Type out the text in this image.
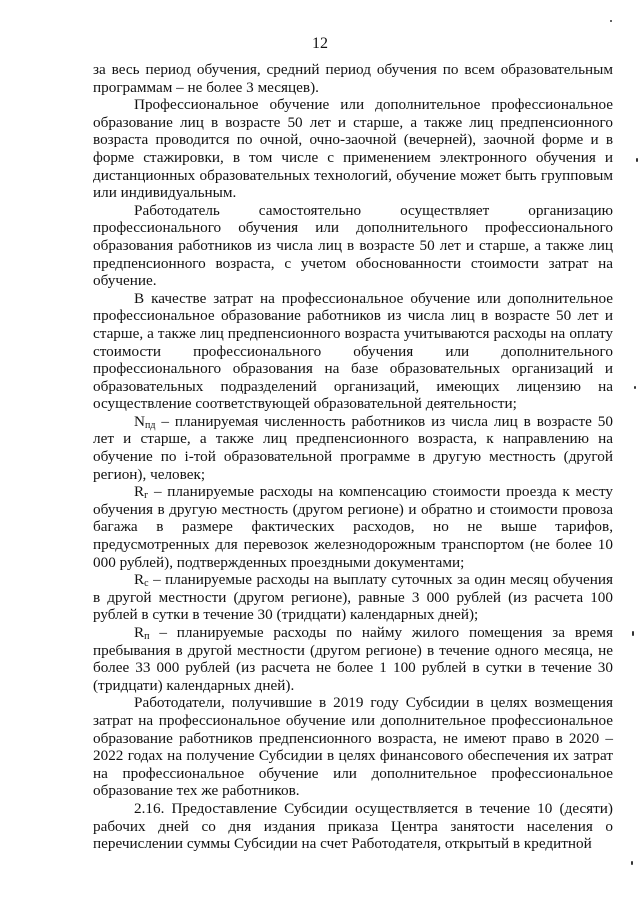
12

за весь период обучения, средний период обучения по всем образовательным программам – не более 3 месяцев).

Профессиональное обучение или дополнительное профессиональное образование лиц в возрасте 50 лет и старше, а также лиц предпенсионного возраста проводится по очной, очно-заочной (вечерней), заочной форме и в форме стажировки, в том числе с применением электронного обучения и дистанционных образовательных технологий, обучение может быть групповым или индивидуальным.

Работодатель самостоятельно осуществляет организацию профессионального обучения или дополнительного профессионального образования работников из числа лиц в возрасте 50 лет и старше, а также лиц предпенсионного возраста, с учетом обоснованности стоимости затрат на обучение.

В качестве затрат на профессиональное обучение или дополнительное профессиональное образование работников из числа лиц в возрасте 50 лет и старше, а также лиц предпенсионного возраста учитываются расходы на оплату стоимости профессионального обучения или дополнительного профессионального образования на базе образовательных организаций и образовательных подразделений организаций, имеющих лицензию на осуществление соответствующей образовательной деятельности;

$N_{пд}$ – планируемая численность работников из числа лиц в возрасте 50 лет и старше, а также лиц предпенсионного возраста, к направлению на обучение по i-той образовательной программе в другую местность (другой регион), человек;

$R_г$ – планируемые расходы на компенсацию стоимости проезда к месту обучения в другую местность (другом регионе) и обратно и стоимости провоза багажа в размере фактических расходов, но не выше тарифов, предусмотренных для перевозок железнодорожным транспортом (не более 10 000 рублей), подтвержденных проездными документами;

$R_с$ – планируемые расходы на выплату суточных за один месяц обучения в другой местности (другом регионе), равные 3 000 рублей (из расчета 100 рублей в сутки в течение 30 (тридцати) календарных дней);

$R_п$ – планируемые расходы по найму жилого помещения за время пребывания в другой местности (другом регионе) в течение одного месяца, не более 33 000 рублей (из расчета не более 1 100 рублей в сутки в течение 30 (тридцати) календарных дней).

Работодатели, получившие в 2019 году Субсидии в целях возмещения затрат на профессиональное обучение или дополнительное профессиональное образование работников предпенсионного возраста, не имеют право в 2020 – 2022 годах на получение Субсидии в целях финансового обеспечения их затрат на профессиональное обучение или дополнительное профессиональное образование тех же работников.

2.16. Предоставление Субсидии осуществляется в течение 10 (десяти) рабочих дней со дня издания приказа Центра занятости населения о перечислении суммы Субсидии на счет Работодателя, открытый в кредитной
